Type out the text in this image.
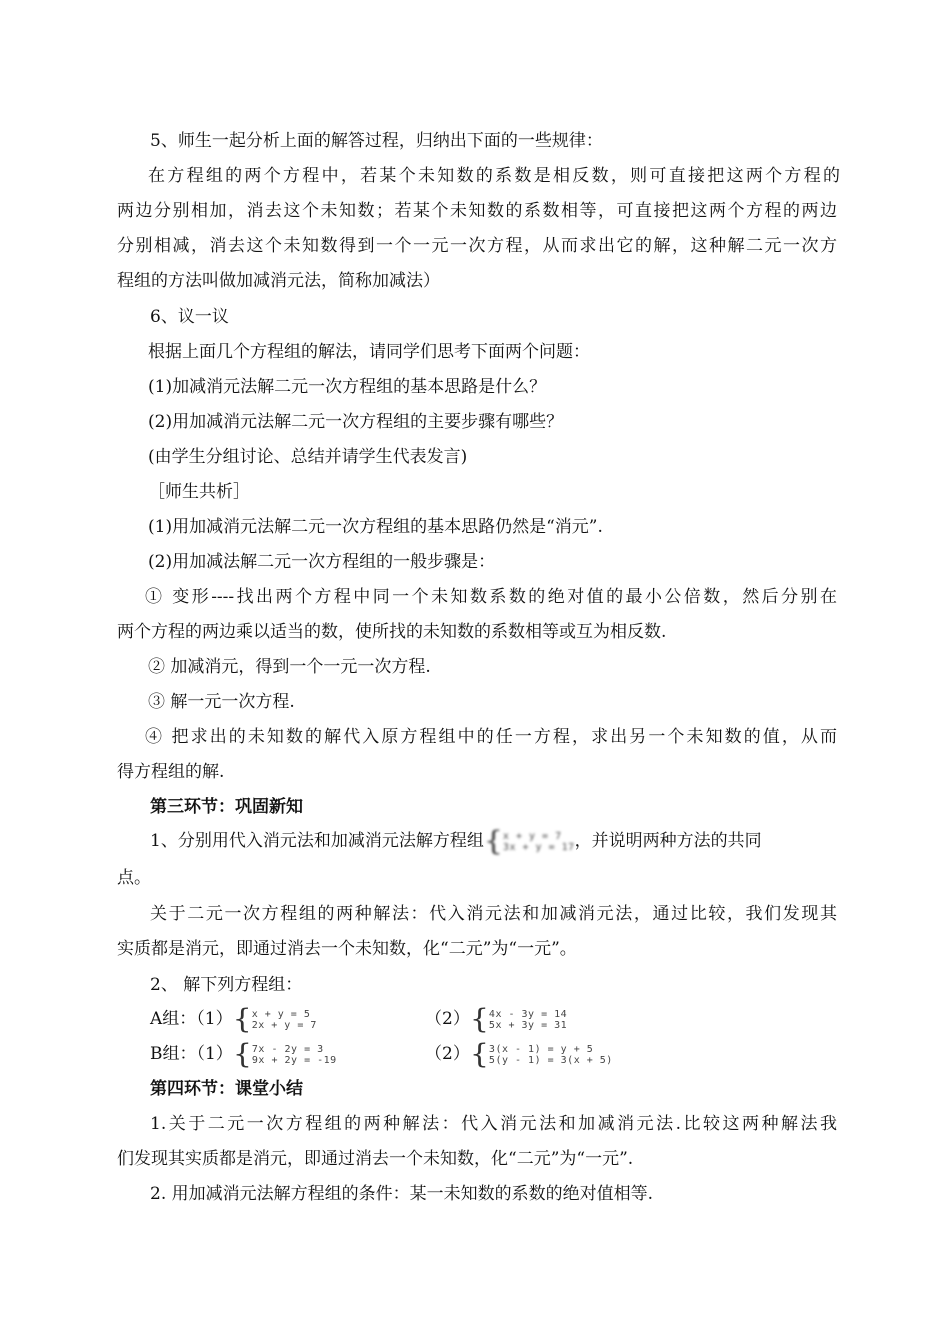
5、师生一起分析上面的解答过程，归纳出下面的一些规律：
在方程组的两个方程中，若某个未知数的系数是相反数，则可直接把这两个方程的
两边分别相加，消去这个未知数；若某个未知数的系数相等，可直接把这两个方程的两边
分别相减，消去这个未知数得到一个一元一次方程，从而求出它的解，这种解二元一次方
程组的方法叫做加减消元法，简称加减法）
6、议一议
根据上面几个方程组的解法，请同学们思考下面两个问题：
(1)加减消元法解二元一次方程组的基本思路是什么？
(2)用加减消元法解二元一次方程组的主要步骤有哪些？
(由学生分组讨论、总结并请学生代表发言)
［师生共析］
(1)用加减消元法解二元一次方程组的基本思路仍然是“消元”.
(2)用加减法解二元一次方程组的一般步骤是：
① 变形----找出两个方程中同一个未知数系数的绝对值的最小公倍数，然后分别在
两个方程的两边乘以适当的数，使所找的未知数的系数相等或互为相反数.
② 加减消元，得到一个一元一次方程.
③ 解一元一次方程.
④ 把求出的未知数的解代入原方程组中的任一方程，求出另一个未知数的值，从而
得方程组的解.
第三环节：巩固新知
1、分别用代入消元法和加减消元法解方程组{ x + y = 7
3x + y = 17 ，并说明两种方法的共同
点。
关于二元一次方程组的两种解法：代入消元法和加减消元法，通过比较，我们发现其
实质都是消元，即通过消去一个未知数，化“二元”为“一元”。
2、 解下列方程组：
A组：（1）{ x + y = 5
2x + y = 7	（2）{ 4x - 3y = 14
5x + 3y = 31
B组：（1）{ 7x - 2y = 3
9x + 2y = -19	（2）{ 3(x - 1) = y + 5
5(y - 1) = 3(x + 5)
第四环节：课堂小结
1.关于二元一次方程组的两种解法：代入消元法和加减消元法.比较这两种解法我
们发现其实质都是消元，即通过消去一个未知数，化“二元”为“一元”.
2. 用加减消元法解方程组的条件：某一未知数的系数的绝对值相等.
